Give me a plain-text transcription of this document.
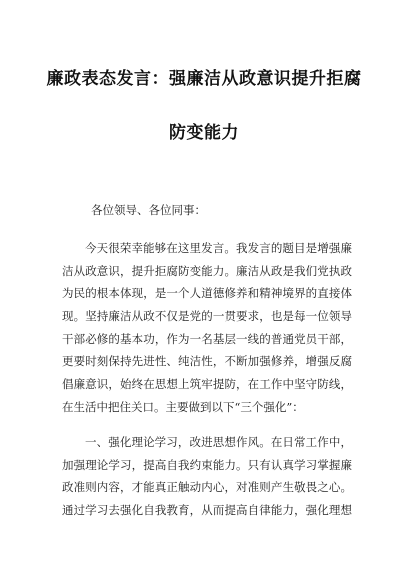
廉政表态发言：强廉洁从政意识提升拒腐
防变能力
各位领导、各位同事：
今天很荣幸能够在这里发言。我发言的题目是增强廉
洁从政意识，提升拒腐防变能力。廉洁从政是我们党执政
为民的根本体现，是一个人道德修养和精神境界的直接体
现。坚持廉洁从政不仅是党的一贯要求，也是每一位领导
干部必修的基本功，作为一名基层一线的普通党员干部，
更要时刻保持先进性、纯洁性，不断加强修养，增强反腐
倡廉意识，始终在思想上筑牢提防，在工作中坚守防线，
在生活中把住关口。主要做到以下“三个强化”：
一、强化理论学习，改进思想作风。在日常工作中，
加强理论学习，提高自我约束能力。只有认真学习掌握廉
政准则内容，才能真正触动内心，对准则产生敬畏之心。
通过学习去强化自我教育，从而提高自律能力，强化理想
